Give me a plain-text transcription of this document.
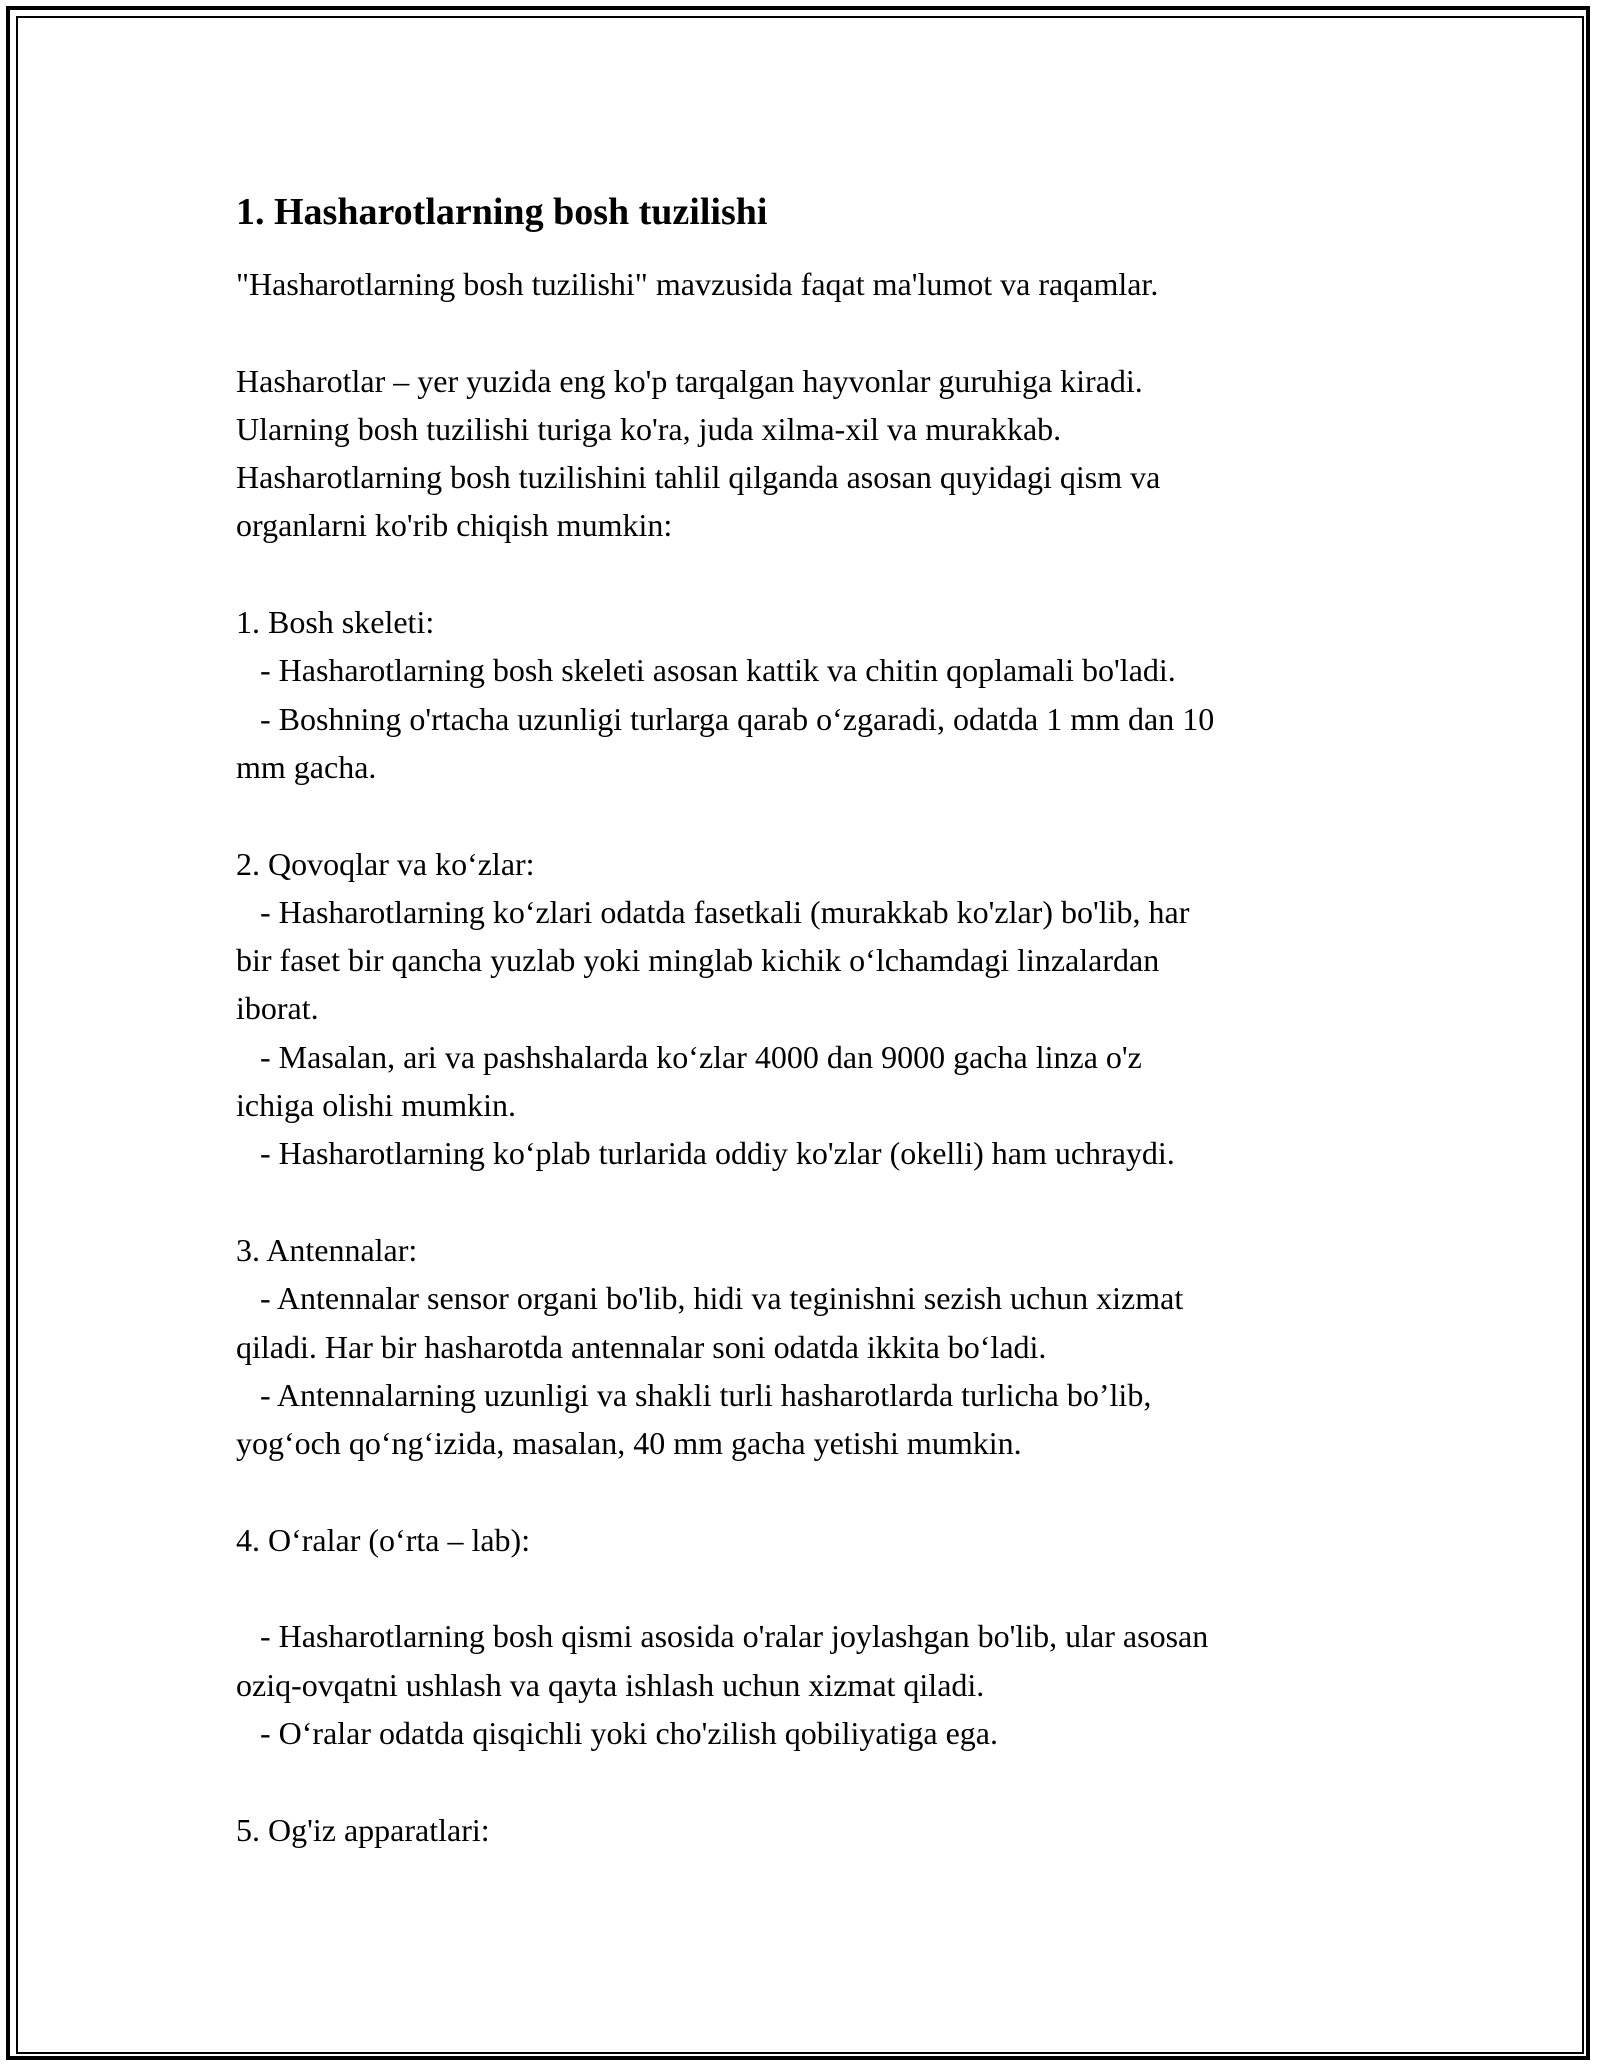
1. Hasharotlarning bosh tuzilishi

"Hasharotlarning bosh tuzilishi" mavzusida faqat ma'lumot va raqamlar.

Hasharotlar – yer yuzida eng ko'p tarqalgan hayvonlar guruhiga kiradi.

Ularning bosh tuzilishi turiga ko'ra, juda xilma-xil va murakkab.

Hasharotlarning bosh tuzilishini tahlil qilganda asosan quyidagi qism va

organlarni ko'rib chiqish mumkin:

1. Bosh skeleti:

- Hasharotlarning bosh skeleti asosan kattik va chitin qoplamali bo'ladi.

- Boshning o'rtacha uzunligi turlarga qarab oʻzgaradi, odatda 1 mm dan 10

mm gacha.

2. Qovoqlar va koʻzlar:

- Hasharotlarning koʻzlari odatda fasetkali (murakkab ko'zlar) bo'lib, har

bir faset bir qancha yuzlab yoki minglab kichik oʻlchamdagi linzalardan

iborat.

- Masalan, ari va pashshalarda koʻzlar 4000 dan 9000 gacha linza o'z

ichiga olishi mumkin.

- Hasharotlarning koʻplab turlarida oddiy ko'zlar (okelli) ham uchraydi.

3. Antennalar:

- Antennalar sensor organi bo'lib, hidi va teginishni sezish uchun xizmat

qiladi. Har bir hasharotda antennalar soni odatda ikkita boʻladi.

- Antennalarning uzunligi va shakli turli hasharotlarda turlicha bo’lib,

yogʻoch qoʻngʻizida, masalan, 40 mm gacha yetishi mumkin.

4. Oʻralar (oʻrta – lab):

- Hasharotlarning bosh qismi asosida o'ralar joylashgan bo'lib, ular asosan

oziq-ovqatni ushlash va qayta ishlash uchun xizmat qiladi.

- Oʻralar odatda qisqichli yoki cho'zilish qobiliyatiga ega.

5. Og'iz apparatlari:
